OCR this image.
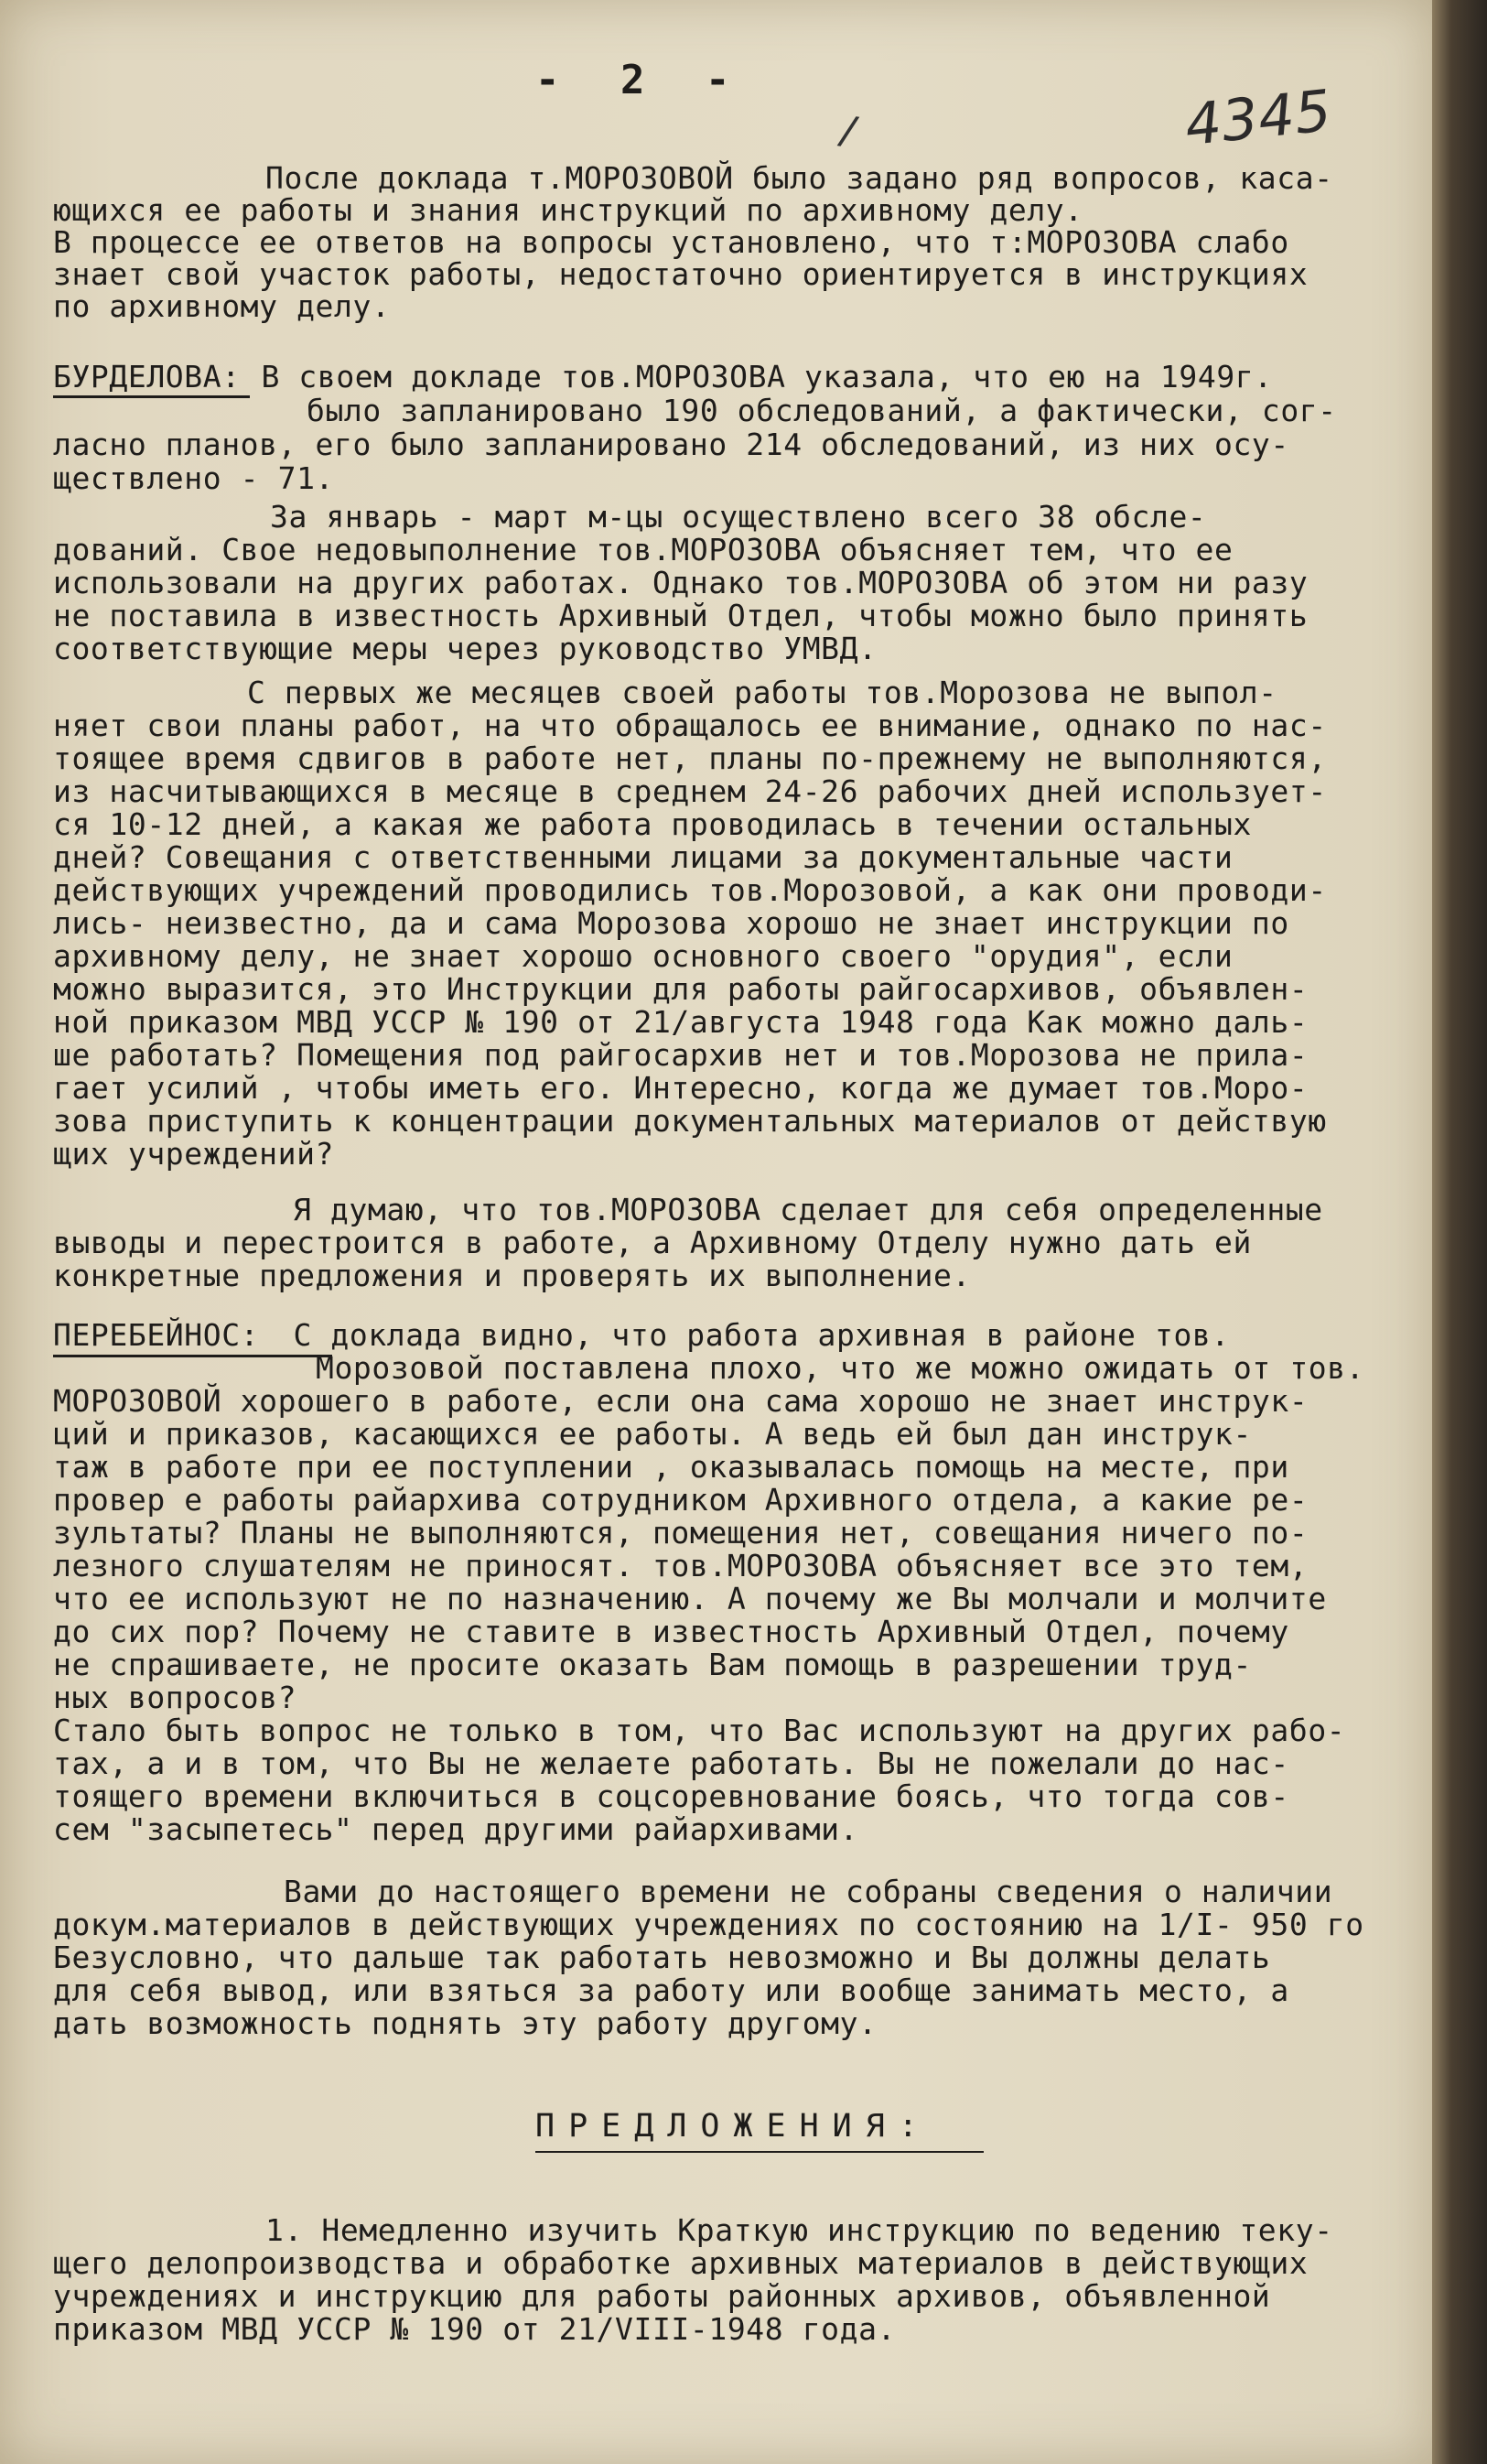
- 2 -
/	4345
После доклада т.МОРОЗОВОЙ было задано ряд вопросов, каса-
ющихся ее работы и знания инструкций по архивному делу.
В процессе ее ответов на вопросы установлено, что т:МОРОЗОВА слабо
знает свой участок работы, недостаточно ориентируется в инструкциях
по архивному делу.
БУРДЕЛОВА: В своем докладе тов.МОРОЗОВА указала, что ею на 1949г.
было запланировано 190 обследований, а фактически, сог-
ласно планов, его было запланировано 214 обследований, из них осу-
ществлено - 71.
За январь - март м-цы осуществлено всего 38 обсле-
дований. Свое недовыполнение тов.МОРОЗОВА объясняет тем, что ее
использовали на других работах. Однако тов.МОРОЗОВА об этом ни разу
не поставила в известность Архивный Отдел, чтобы можно было принять
соответствующие меры через руководство УМВД.
С первых же месяцев своей работы тов.Морозова не выпол-
няет свои планы работ, на что обращалось ее внимание, однако по нас-
тоящее время сдвигов в работе нет, планы по-прежнему не выполняются,
из насчитывающихся в месяце в среднем 24-26 рабочих дней использует-
ся 10-12 дней, а какая же работа проводилась в течении остальных
дней? Совещания с ответственными лицами за документальные части
действующих учреждений проводились тов.Морозовой, а как они проводи-
лись- неизвестно, да и сама Морозова хорошо не знает инструкции по
архивному делу, не знает хорошо основного своего "орудия", если
можно выразится, это Инструкции для работы райгосархивов, объявлен-
ной приказом МВД УССР № 190 от 21/августа 1948 года Как можно даль-
ше работать? Помещения под райгосархив нет и тов.Морозова не прила-
гает усилий , чтобы иметь его. Интересно, когда же думает тов.Моро-
зова приступить к концентрации документальных материалов от действую
щих учреждений?
Я думаю, что тов.МОРОЗОВА сделает для себя определенные
выводы и перестроится в работе, а Архивному Отделу нужно дать ей
конкретные предложения и проверять их выполнение.
ПЕРЕБЕЙНОС: С доклада видно, что работа архивная в районе тов.
Морозовой поставлена плохо, что же можно ожидать от тов.
МОРОЗОВОЙ хорошего в работе, если она сама хорошо не знает инструк-
ций и приказов, касающихся ее работы. А ведь ей был дан инструк-
таж в работе при ее поступлении , оказывалась помощь на месте, при
провер е работы райархива сотрудником Архивного отдела, а какие ре-
зультаты? Планы не выполняются, помещения нет, совещания ничего по-
лезного слушателям не приносят. тов.МОРОЗОВА объясняет все это тем,
что ее используют не по назначению. А почему же Вы молчали и молчите
до сих пор? Почему не ставите в известность Архивный Отдел, почему
не спрашиваете, не просите оказать Вам помощь в разрешении труд-
ных вопросов?
Стало быть вопрос не только в том, что Вас используют на других рабо-
тах, а и в том, что Вы не желаете работать. Вы не пожелали до нас-
тоящего времени включиться в соцсоревнование боясь, что тогда сов-
сем "засыпетесь" перед другими райархивами.
Вами до настоящего времени не собраны сведения о наличии
докум.материалов в действующих учреждениях по состоянию на 1/I- 950 го
Безусловно, что дальше так работать невозможно и Вы должны делать
для себя вывод, или взяться за работу или вообще занимать место, а
дать возможность поднять эту работу другому.
ПРЕДЛОЖЕНИЯ:
1. Немедленно изучить Краткую инструкцию по ведению теку-
щего делопроизводства и обработке архивных материалов в действующих
учреждениях и инструкцию для работы районных архивов, объявленной
приказом МВД УССР № 190 от 21/VIII-1948 года.
